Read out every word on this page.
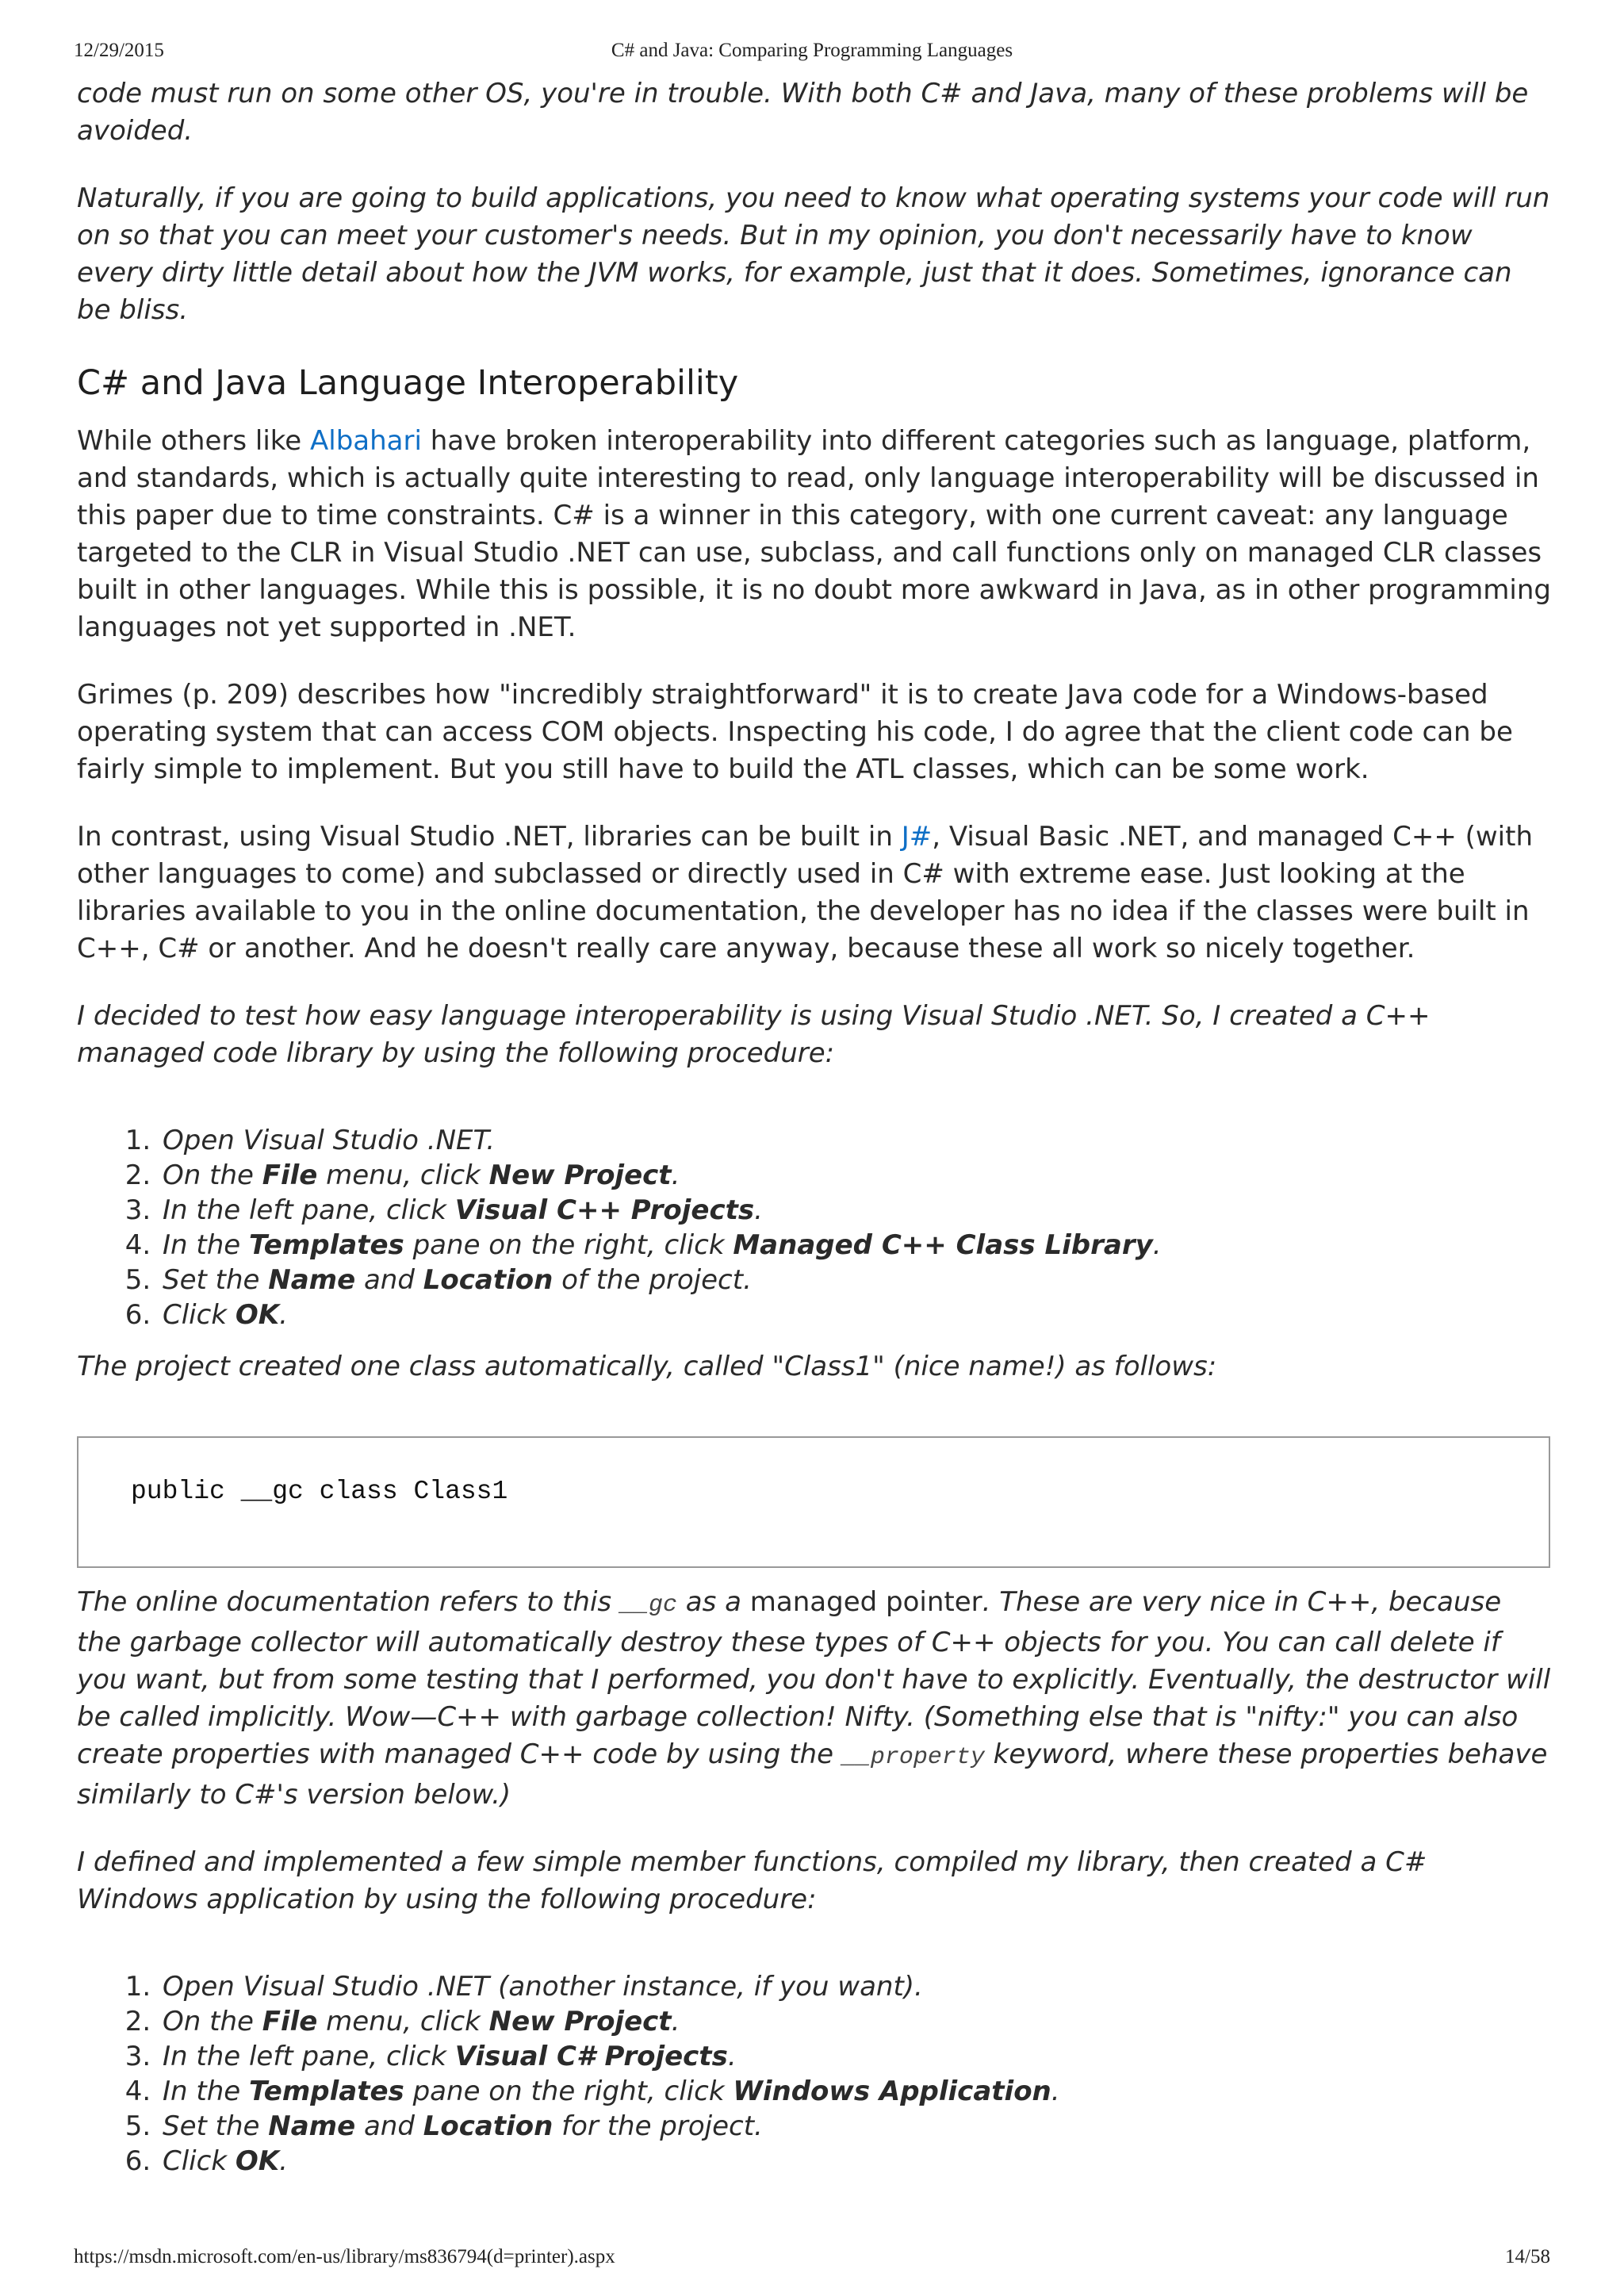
12/29/2015	C# and Java: Comparing Programming Languages

code must run on some other OS, you're in trouble. With both C# and Java, many of these problems will be avoided.

Naturally, if you are going to build applications, you need to know what operating systems your code will run on so that you can meet your customer's needs. But in my opinion, you don't necessarily have to know every dirty little detail about how the JVM works, for example, just that it does. Sometimes, ignorance can be bliss.

C# and Java Language Interoperability

While others like Albahari have broken interoperability into different categories such as language, platform, and standards, which is actually quite interesting to read, only language interoperability will be discussed in this paper due to time constraints. C# is a winner in this category, with one current caveat: any language targeted to the CLR in Visual Studio .NET can use, subclass, and call functions only on managed CLR classes built in other languages. While this is possible, it is no doubt more awkward in Java, as in other programming languages not yet supported in .NET.

Grimes (p. 209) describes how "incredibly straightforward" it is to create Java code for a Windows-based operating system that can access COM objects. Inspecting his code, I do agree that the client code can be fairly simple to implement. But you still have to build the ATL classes, which can be some work.

In contrast, using Visual Studio .NET, libraries can be built in J#, Visual Basic .NET, and managed C++ (with other languages to come) and subclassed or directly used in C# with extreme ease. Just looking at the libraries available to you in the online documentation, the developer has no idea if the classes were built in C++, C# or another. And he doesn't really care anyway, because these all work so nicely together.

I decided to test how easy language interoperability is using Visual Studio .NET. So, I created a C++ managed code library by using the following procedure:

1. Open Visual Studio .NET.
2. On the File menu, click New Project.
3. In the left pane, click Visual C++ Projects.
4. In the Templates pane on the right, click Managed C++ Class Library.
5. Set the Name and Location of the project.
6. Click OK.

The project created one class automatically, called "Class1" (nice name!) as follows:

public __gc class Class1

The online documentation refers to this __gc as a managed pointer. These are very nice in C++, because the garbage collector will automatically destroy these types of C++ objects for you. You can call delete if you want, but from some testing that I performed, you don't have to explicitly. Eventually, the destructor will be called implicitly. Wow—C++ with garbage collection! Nifty. (Something else that is "nifty:" you can also create properties with managed C++ code by using the __property keyword, where these properties behave similarly to C#'s version below.)

I defined and implemented a few simple member functions, compiled my library, then created a C# Windows application by using the following procedure:

1. Open Visual Studio .NET (another instance, if you want).
2. On the File menu, click New Project.
3. In the left pane, click Visual C# Projects.
4. In the Templates pane on the right, click Windows Application.
5. Set the Name and Location for the project.
6. Click OK.
https://msdn.microsoft.com/en-us/library/ms836794(d=printer).aspx	14/58
